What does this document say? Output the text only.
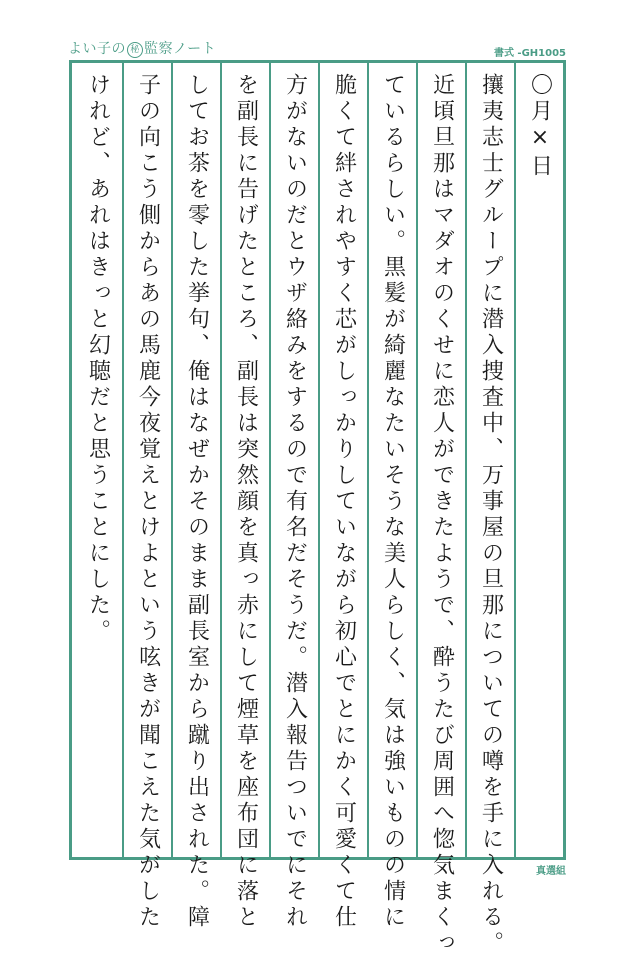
よい子の 秘 監察ノート	書式 -GH1005
〇月×日
攘夷志士グループに潜入捜査中、万事屋の旦那についての噂を手に入れる。
近頃旦那はマダオのくせに恋人ができたようで、酔うたび周囲へ惚気まくっ
ているらしい。黒髪が綺麗なたいそうな美人らしく、気は強いものの情に
脆くて絆されやすく芯がしっかりしていながら初心でとにかく可愛くて仕
方がないのだとウザ絡みをするので有名だそうだ。潜入報告ついでにそれ
を副長に告げたところ、副長は突然顔を真っ赤にして煙草を座布団に落と
してお茶を零した挙句、俺はなぜかそのまま副長室から蹴り出された。障
子の向こう側からあの馬鹿今夜覚えとけよという呟きが聞こえた気がした
けれど、あれはきっと幻聴だと思うことにした。
真選組
